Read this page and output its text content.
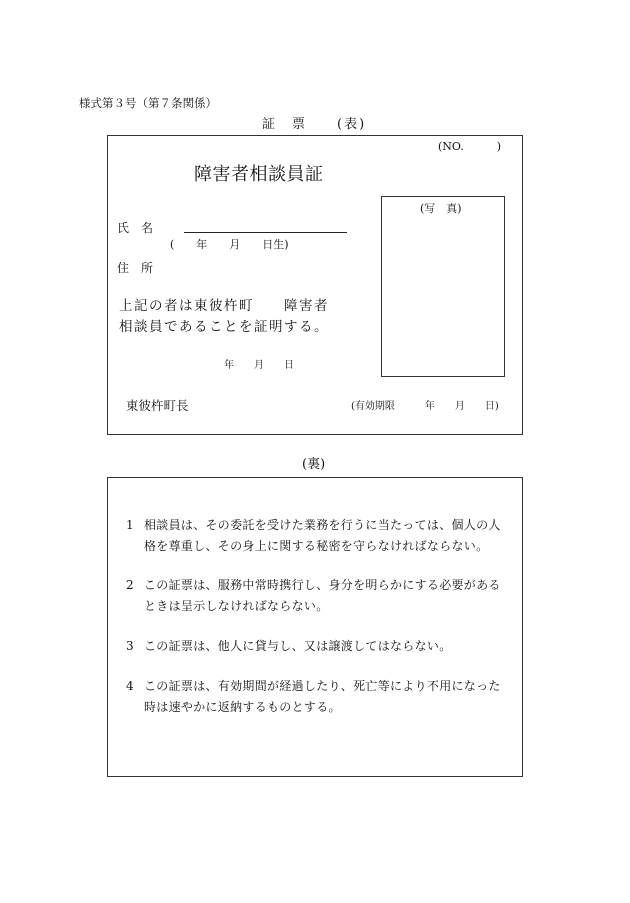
様式第３号（第７条関係）
証　票　　(表)
(NO.　　　)
障害者相談員証
氏　名
(　　年　　月　　日生)
住　所
上記の者は東彼杵町　　障害者
相談員であることを証明する。
年　　月　　日
(写　真)
東彼杵町長	(有効期限　　　年　　月　　日)
(裏)
1 相談員は、その委託を受けた業務を行うに当たっては、個人の人
格を尊重し、その身上に関する秘密を守らなければならない。
2 この証票は、服務中常時携行し、身分を明らかにする必要がある
ときは呈示しなければならない。
3 この証票は、他人に貸与し、又は譲渡してはならない。
4 この証票は、有効期間が経過したり、死亡等により不用になった
時は速やかに返納するものとする。
